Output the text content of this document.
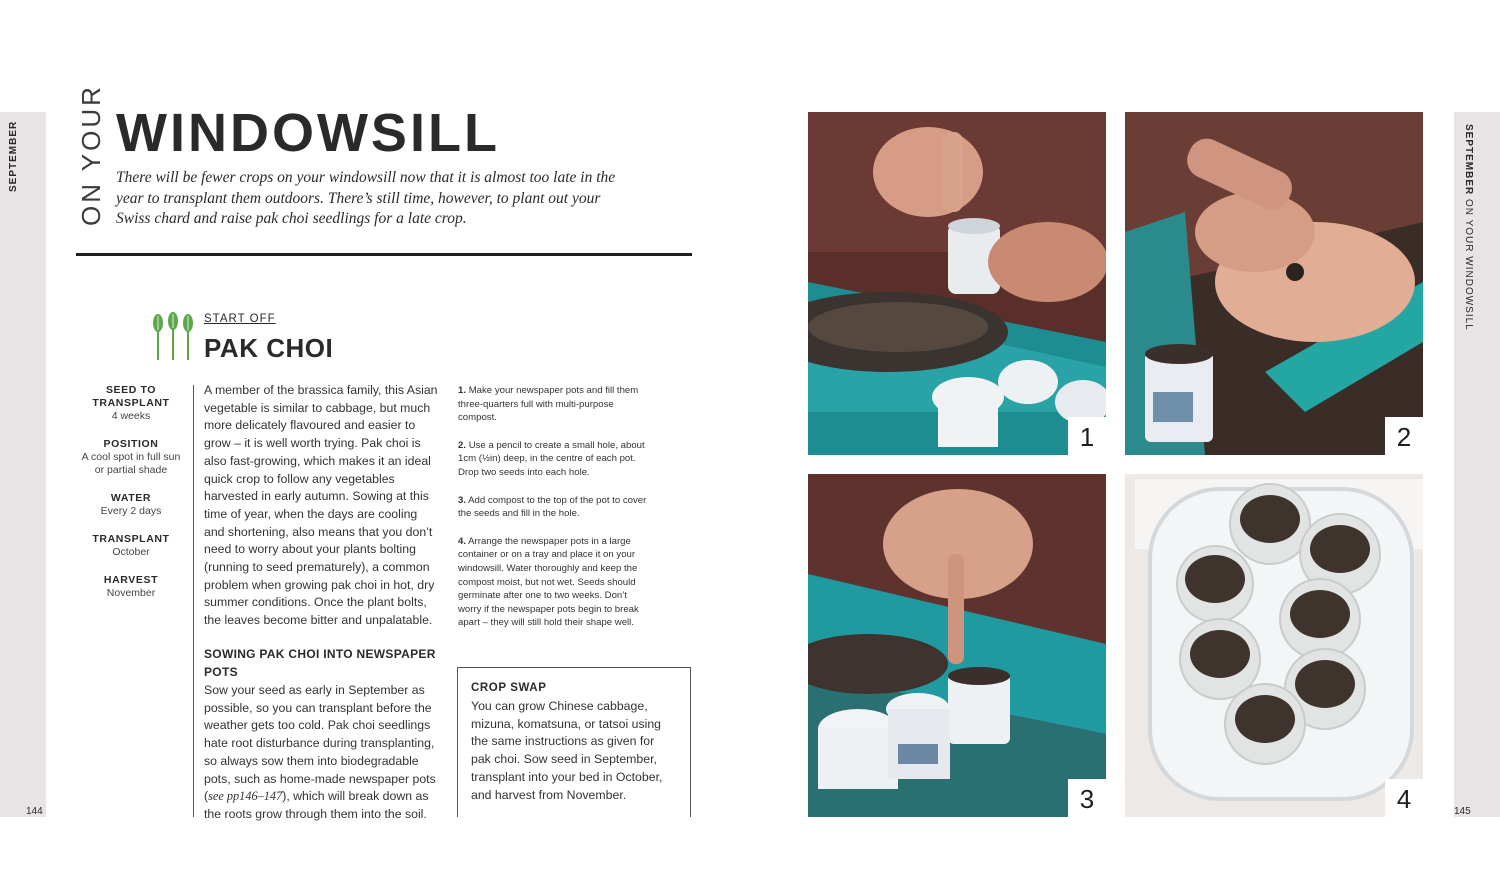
SEPTEMBER
144
ON YOUR WINDOWSILL
There will be fewer crops on your windowsill now that it is almost too late in the year to transplant them outdoors. There’s still time, however, to plant out your Swiss chard and raise pak choi seedlings for a late crop.
START OFF
PAK CHOI
SEED TO TRANSPLANT
4 weeks
POSITION
A cool spot in full sun or partial shade
WATER
Every 2 days
TRANSPLANT
October
HARVEST
November
A member of the brassica family, this Asian vegetable is similar to cabbage, but much more delicately flavoured and easier to grow – it is well worth trying. Pak choi is also fast-growing, which makes it an ideal quick crop to follow any vegetables harvested in early autumn. Sowing at this time of year, when the days are cooling and shortening, also means that you don’t need to worry about your plants bolting (running to seed prematurely), a common problem when growing pak choi in hot, dry summer conditions. Once the plant bolts, the leaves become bitter and unpalatable.
SOWING PAK CHOI INTO NEWSPAPER POTS
Sow your seed as early in September as possible, so you can transplant before the weather gets too cold. Pak choi seedlings hate root disturbance during transplanting, so always sow them into biodegradable pots, such as home-made newspaper pots (see pp146–147), which will break down as the roots grow through them into the soil.

1. Make your newspaper pots and fill them three-quarters full with multi-purpose compost.

2. Use a pencil to create a small hole, about 1cm (½in) deep, in the centre of each pot. Drop two seeds into each hole.

3. Add compost to the top of the pot to cover the seeds and fill in the hole.

4. Arrange the newspaper pots in a large container or on a tray and place it on your windowsill. Water thoroughly and keep the compost moist, but not wet. Seeds should germinate after one to two weeks. Don’t worry if the newspaper pots begin to break apart – they will still hold their shape well.

CROP SWAP
You can grow Chinese cabbage, mizuna, komatsuna, or tatsoi using the same instructions as given for pak choi. Sow seed in September, transplant into your bed in October, and harvest from November.
SEPTEMBER ON YOUR WINDOWSILL
145
1	2
3	4
